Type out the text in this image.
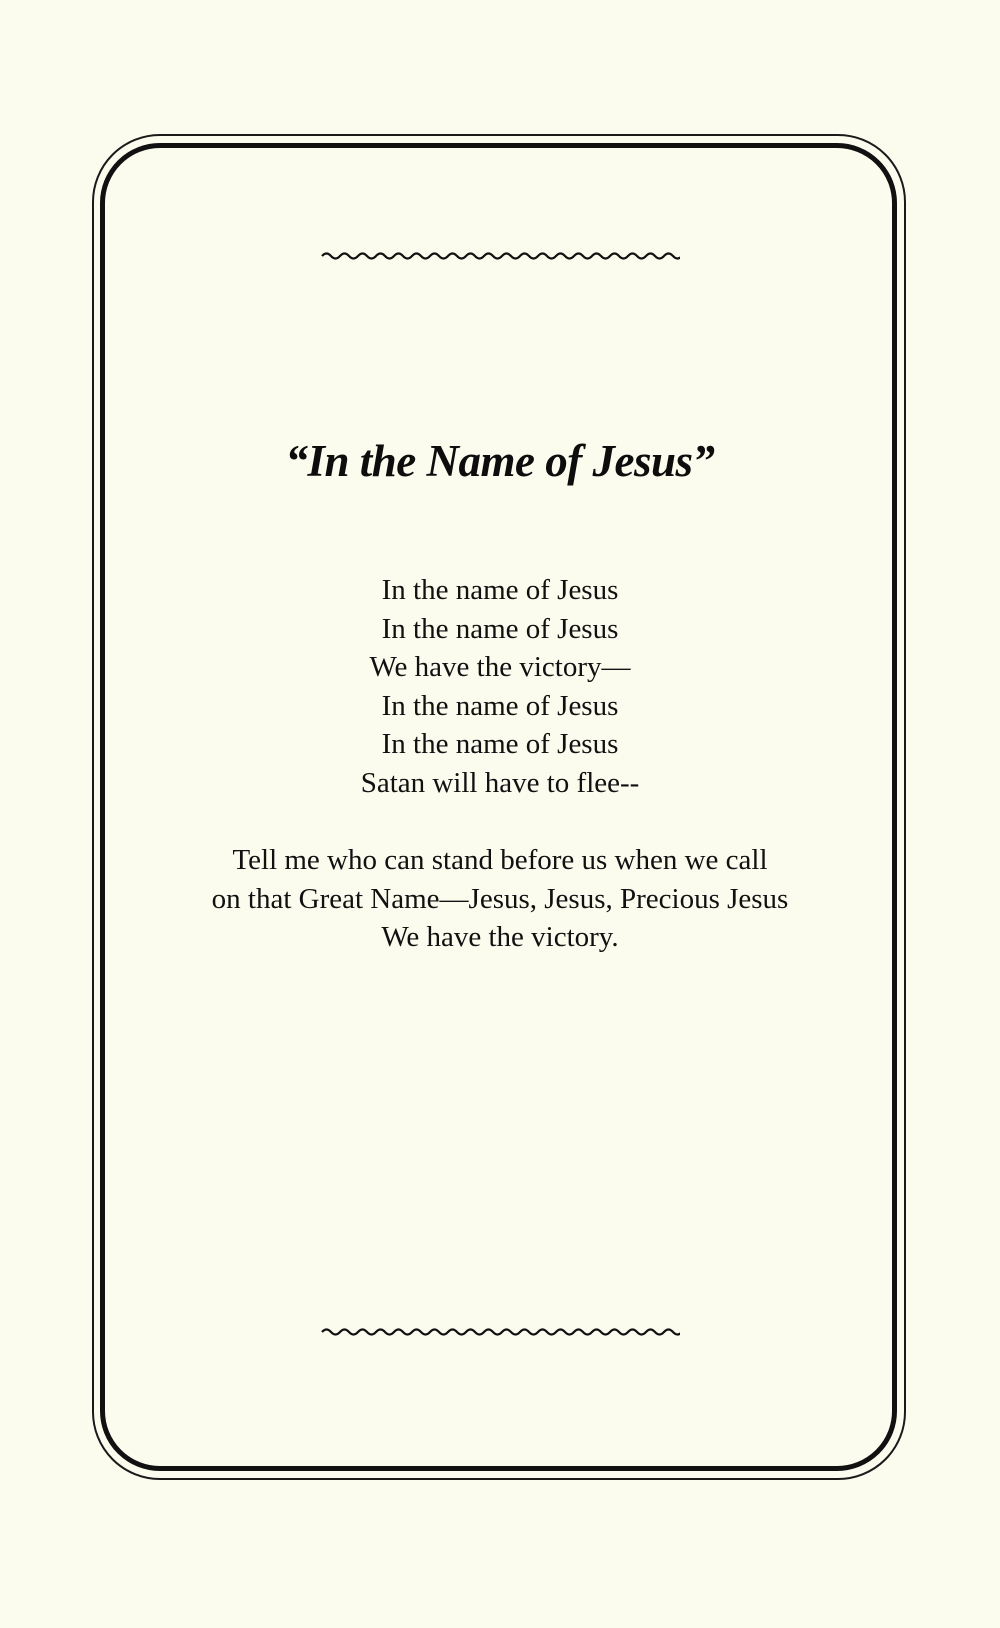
“In the Name of Jesus”
In the name of Jesus
In the name of Jesus
We have the victory—
In the name of Jesus
In the name of Jesus
Satan will have to flee--
Tell me who can stand before us when we call
on that Great Name—Jesus, Jesus, Precious Jesus
We have the victory.
